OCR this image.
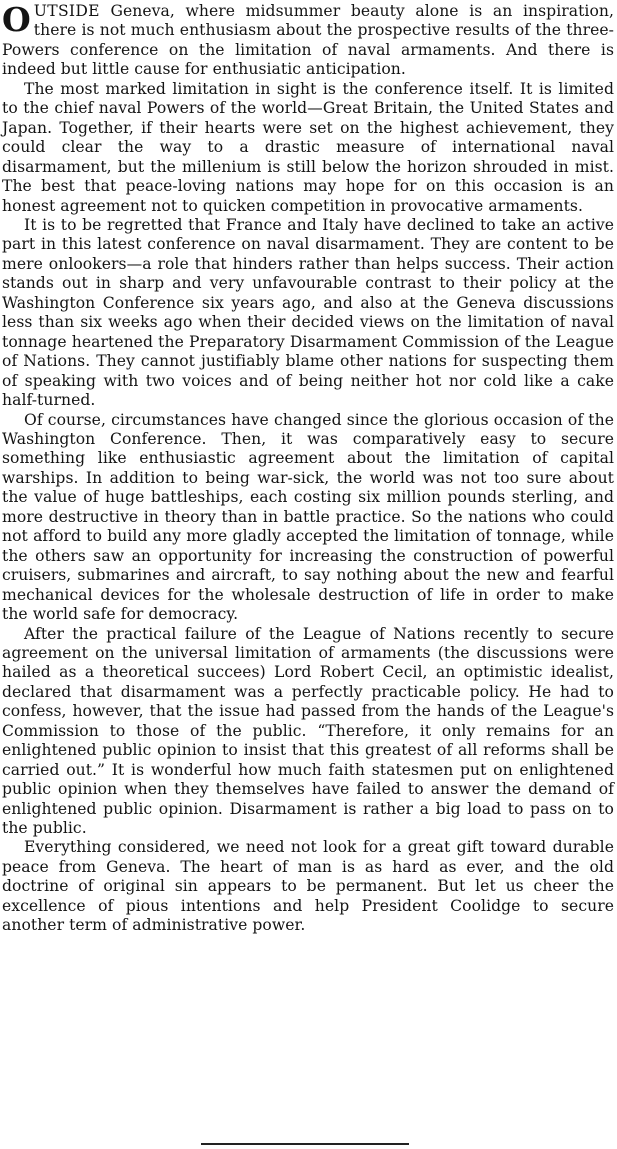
OUTSIDE Geneva, where midsummer beauty alone is an inspiration, there is not much enthusiasm about the prospective results of the three-Powers conference on the limitation of naval armaments. And there is indeed but little cause for enthusiatic anticipation.

The most marked limitation in sight is the conference itself. It is limited to the chief naval Powers of the world—Great Britain, the United States and Japan. Together, if their hearts were set on the highest achievement, they could clear the way to a drastic measure of international naval disarmament, but the millenium is still below the horizon shrouded in mist. The best that peace-loving nations may hope for on this occasion is an honest agreement not to quicken competition in provocative armaments.

It is to be regretted that France and Italy have declined to take an active part in this latest conference on naval disarmament. They are content to be mere onlookers—a role that hinders rather than helps success. Their action stands out in sharp and very unfavourable contrast to their policy at the Washington Conference six years ago, and also at the Geneva discussions less than six weeks ago when their decided views on the limitation of naval tonnage heartened the Preparatory Disarmament Commission of the League of Nations. They cannot justifiably blame other nations for suspecting them of speaking with two voices and of being neither hot nor cold like a cake half-turned.

Of course, circumstances have changed since the glorious occasion of the Washington Conference. Then, it was comparatively easy to secure something like enthusiastic agreement about the limitation of capital warships. In addition to being war-sick, the world was not too sure about the value of huge battleships, each costing six million pounds sterling, and more destructive in theory than in battle practice. So the nations who could not afford to build any more gladly accepted the limitation of tonnage, while the others saw an opportunity for increasing the construction of powerful cruisers, submarines and aircraft, to say nothing about the new and fearful mechanical devices for the wholesale destruction of life in order to make the world safe for democracy.

After the practical failure of the League of Nations recently to secure agreement on the universal limitation of armaments (the discussions were hailed as a theoretical succees) Lord Robert Cecil, an optimistic idealist, declared that disarmament was a perfectly practicable policy. He had to confess, however, that the issue had passed from the hands of the League's Commission to those of the public. “Therefore, it only remains for an enlightened public opinion to insist that this greatest of all reforms shall be carried out.” It is wonderful how much faith statesmen put on enlightened public opinion when they themselves have failed to answer the demand of enlightened public opinion. Disarmament is rather a big load to pass on to the public.

Everything considered, we need not look for a great gift toward durable peace from Geneva. The heart of man is as hard as ever, and the old doctrine of original sin appears to be permanent. But let us cheer the excellence of pious intentions and help President Coolidge to secure another term of administrative power.
